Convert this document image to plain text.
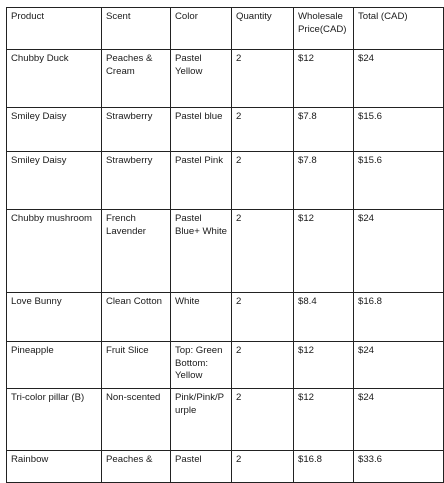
Product	Scent	Color	Quantity	Wholesale Price(CAD)	Total (CAD)
Chubby Duck	Peaches & Cream	Pastel Yellow	2	$12	$24
Smiley Daisy	Strawberry	Pastel blue	2	$7.8	$15.6
Smiley Daisy	Strawberry	Pastel Pink	2	$7.8	$15.6
Chubby mushroom	French Lavender	Pastel Blue+ White	2	$12	$24
Love Bunny	Clean Cotton	White	2	$8.4	$16.8
Pineapple	Fruit Slice	Top: Green Bottom: Yellow	2	$12	$24
Tri-color pillar (B)	Non-scented	Pink/Pink/Purple	2	$12	$24
Rainbow	Peaches &	Pastel	2	$16.8	$33.6
